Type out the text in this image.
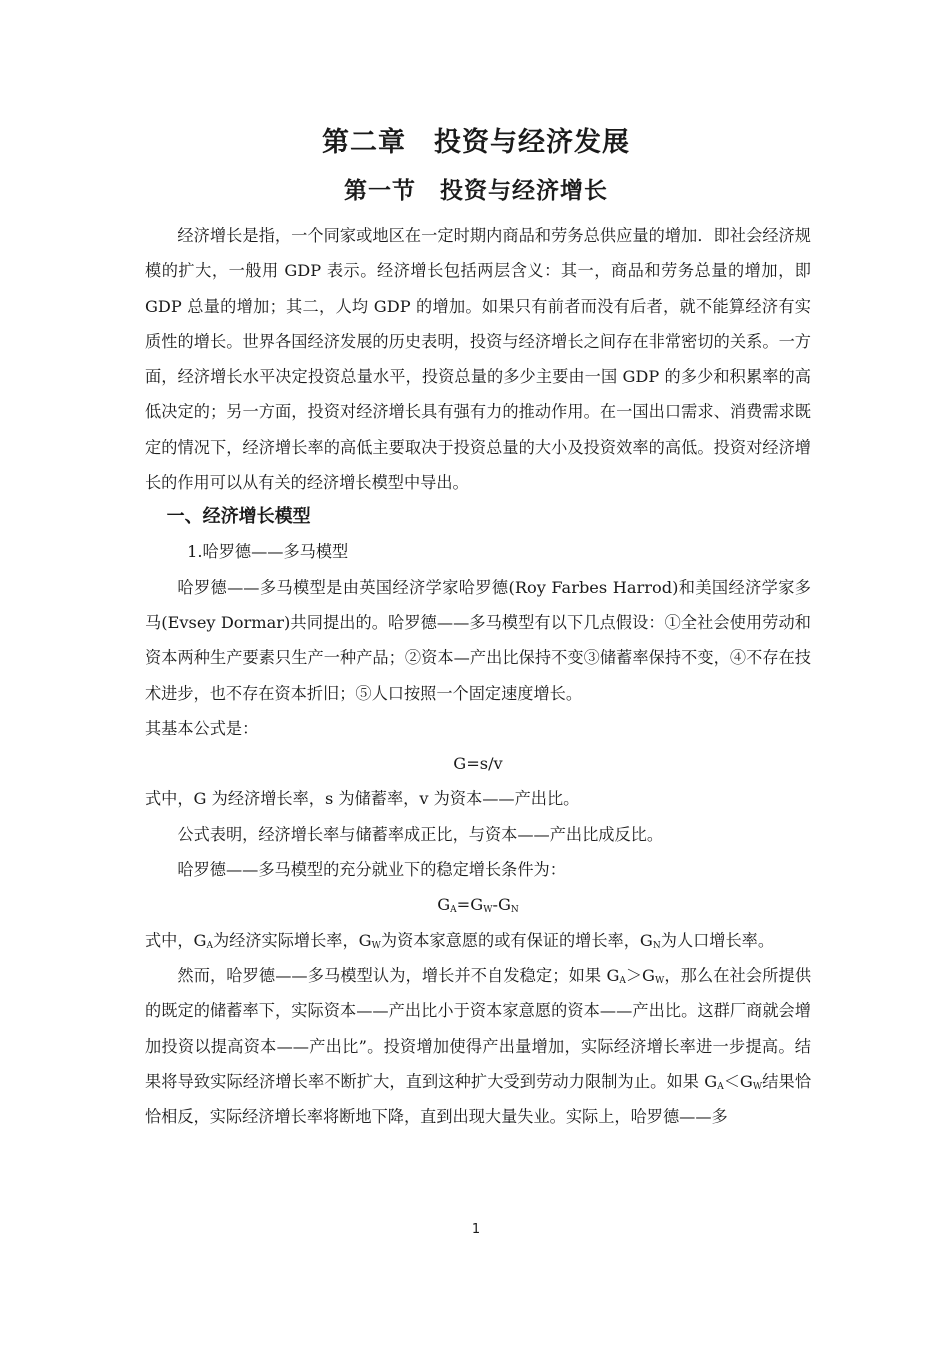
第二章　投资与经济发展
第一节　投资与经济增长

经济增长是指，一个同家或地区在一定时期内商品和劳务总供应量的增加．即社会经济规模的扩大，一般用 GDP 表示。经济增长包括两层含义：其一，商品和劳务总量的增加，即 GDP 总量的增加；其二，人均 GDP 的增加。如果只有前者而没有后者，就不能算经济有实质性的增长。世界各国经济发展的历史表明，投资与经济增长之间存在非常密切的关系。一方面，经济增长水平决定投资总量水平，投资总量的多少主要由一国 GDP 的多少和积累率的高低决定的；另一方面，投资对经济增长具有强有力的推动作用。在一国出口需求、消费需求既定的情况下，经济增长率的高低主要取决于投资总量的大小及投资效率的高低。投资对经济增长的作用可以从有关的经济增长模型中导出。

一、经济增长模型

1.哈罗德——多马模型

哈罗德——多马模型是由英国经济学家哈罗德(Roy Farbes Harrod)和美国经济学家多马(Evsey Dormar)共同提出的。哈罗德——多马模型有以下几点假设：①全社会使用劳动和资本两种生产要素只生产一种产品；②资本—产出比保持不变③储蓄率保持不变，④不存在技术进步，也不存在资本折旧；⑤人口按照一个固定速度增长。

其基本公式是：

G=s/v

式中，G 为经济增长率，s 为储蓄率，v 为资本——产出比。

公式表明，经济增长率与储蓄率成正比，与资本——产出比成反比。

哈罗德——多马模型的充分就业下的稳定增长条件为：

$G_A=G_W-G_N$

式中，$G_A$为经济实际增长率，$G_W$为资本家意愿的或有保证的增长率，$G_N$为人口增长率。

然而，哈罗德——多马模型认为，增长并不自发稳定；如果 $G_A>G_W$，那么在社会所提供的既定的储蓄率下，实际资本——产出比小于资本家意愿的资本——产出比。这群厂商就会增加投资以提高资本——产出比”。投资增加使得产出量增加，实际经济增长率进一步提高。结果将导致实际经济增长率不断扩大，直到这种扩大受到劳动力限制为止。如果 $G_A<G_W$结果恰恰相反，实际经济增长率将断地下降，直到出现大量失业。实际上，哈罗德——多

1
